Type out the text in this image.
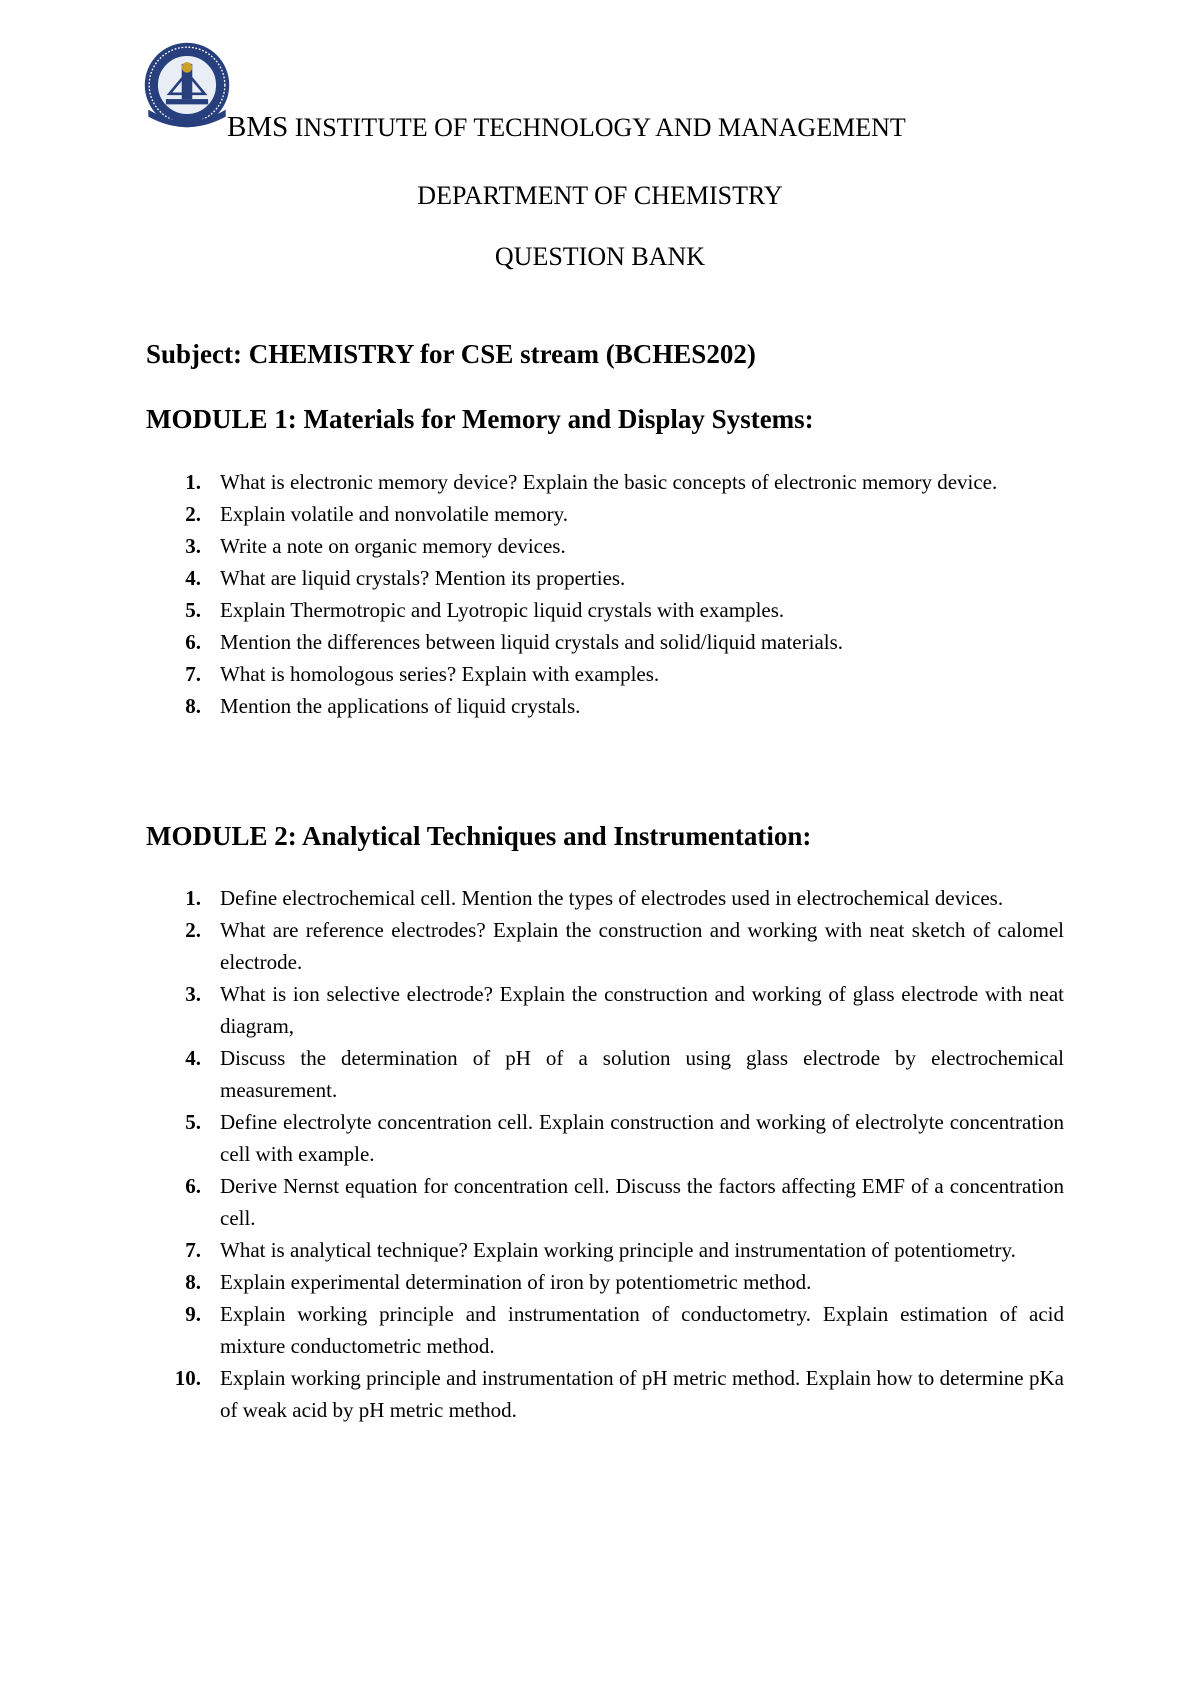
BMS INSTITUTE OF TECHNOLOGY AND MANAGEMENT
DEPARTMENT OF CHEMISTRY
QUESTION BANK
Subject: CHEMISTRY for CSE stream (BCHES202)
MODULE 1: Materials for Memory and Display Systems:
1. What is electronic memory device? Explain the basic concepts of electronic memory device.
2. Explain volatile and nonvolatile memory.
3. Write a note on organic memory devices.
4. What are liquid crystals? Mention its properties.
5. Explain Thermotropic and Lyotropic liquid crystals with examples.
6. Mention the differences between liquid crystals and solid/liquid materials.
7. What is homologous series? Explain with examples.
8. Mention the applications of liquid crystals.
MODULE 2: Analytical Techniques and Instrumentation:
1. Define electrochemical cell. Mention the types of electrodes used in electrochemical devices.
2. What are reference electrodes? Explain the construction and working with neat sketch of calomel electrode.
3. What is ion selective electrode? Explain the construction and working of glass electrode with neat diagram,
4. Discuss the determination of pH of a solution using glass electrode by electrochemical measurement.
5. Define electrolyte concentration cell. Explain construction and working of electrolyte concentration cell with example.
6. Derive Nernst equation for concentration cell. Discuss the factors affecting EMF of a concentration cell.
7. What is analytical technique? Explain working principle and instrumentation of potentiometry.
8. Explain experimental determination of iron by potentiometric method.
9. Explain working principle and instrumentation of conductometry. Explain estimation of acid mixture conductometric method.
10. Explain working principle and instrumentation of pH metric method. Explain how to determine pKa of weak acid by pH metric method.
